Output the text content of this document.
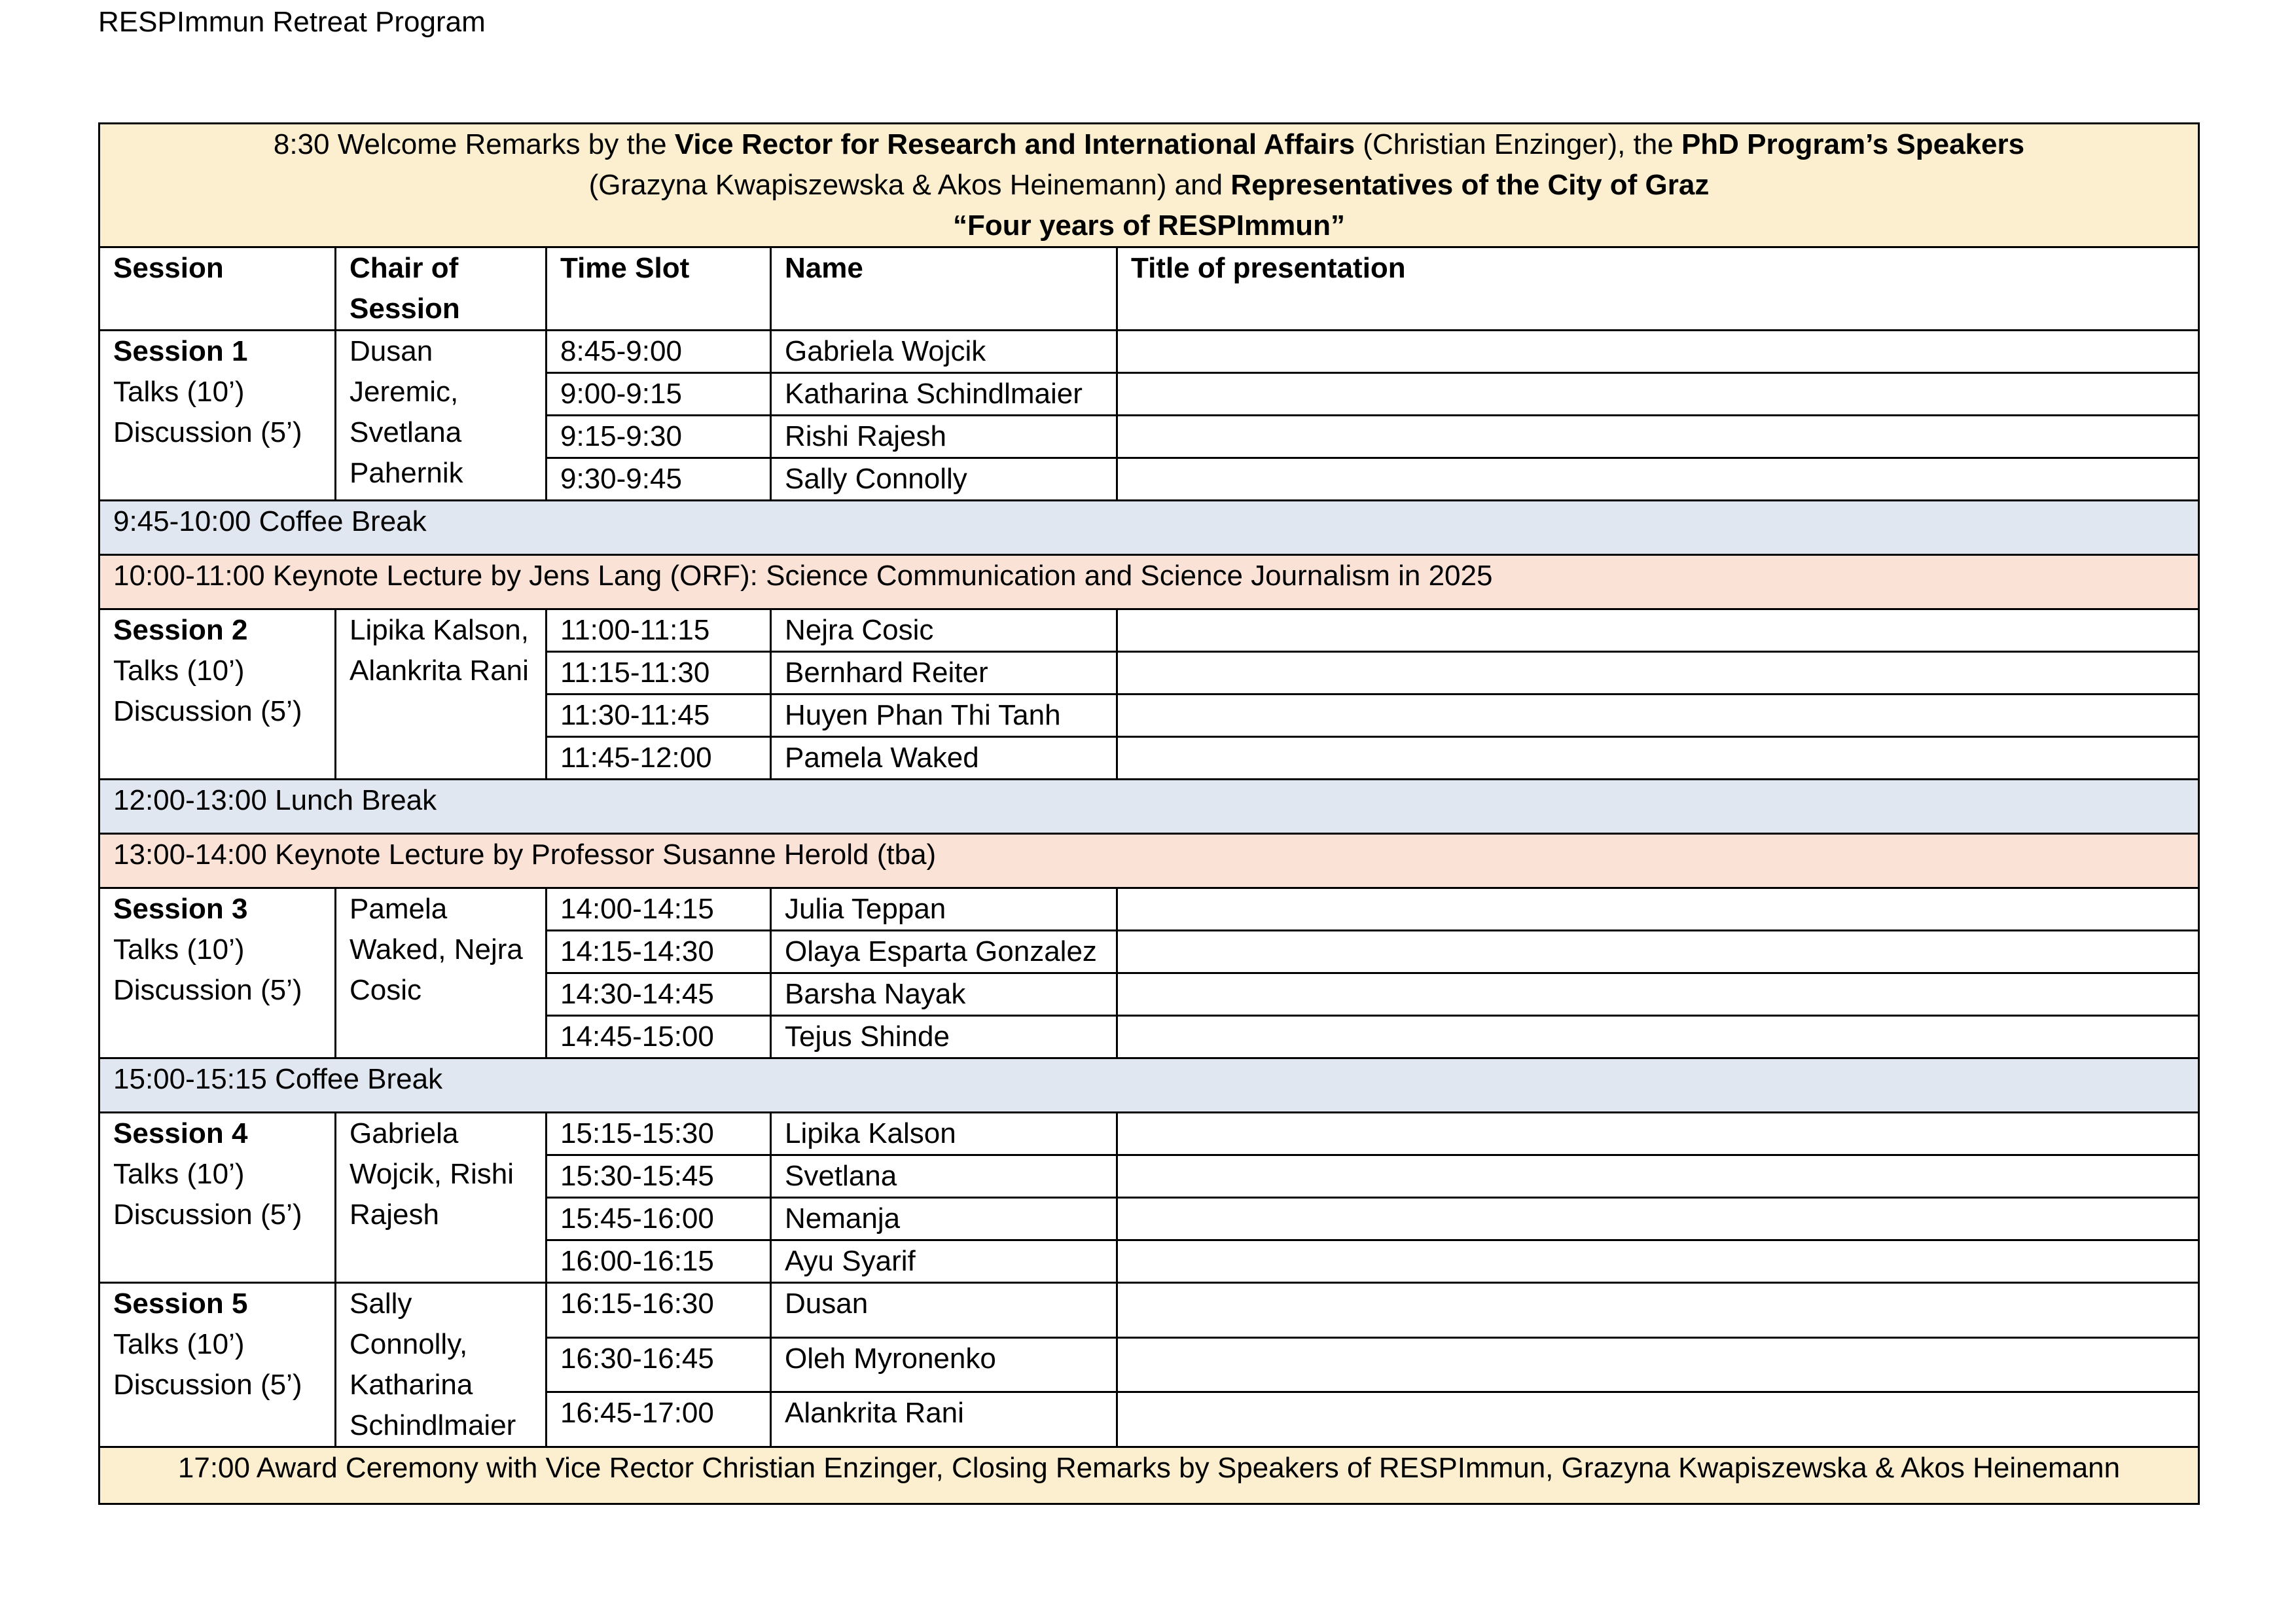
RESPImmun Retreat Program
8:30 Welcome Remarks by the Vice Rector for Research and International Affairs (Christian Enzinger), the PhD Program’s Speakers
(Grazyna Kwapiszewska & Akos Heinemann) and Representatives of the City of Graz
“Four years of RESPImmun”				
Session	Chair of Session	Time Slot	Name	Title of presentation

Session 1
Talks (10’)
Discussion (5’)	Dusan Jeremic, Svetlana Pahernik	8:45-9:00	Gabriela Wojcik	
		9:00-9:15	Katharina Schindlmaier	
		9:15-9:30	Rishi Rajesh	
		9:30-9:45	Sally Connolly	
9:45-10:00 Coffee Break				
10:00-11:00 Keynote Lecture by Jens Lang (ORF): Science Communication and Science Journalism in 2025				

Session 2
Talks (10’)
Discussion (5’)	Lipika Kalson, Alankrita Rani	11:00-11:15	Nejra Cosic	
		11:15-11:30	Bernhard Reiter	
		11:30-11:45	Huyen Phan Thi Tanh	
		11:45-12:00	Pamela Waked	
12:00-13:00 Lunch Break				
13:00-14:00 Keynote Lecture by Professor Susanne Herold (tba)				

Session 3
Talks (10’)
Discussion (5’)	Pamela Waked, Nejra Cosic	14:00-14:15	Julia Teppan	
		14:15-14:30	Olaya Esparta Gonzalez	
		14:30-14:45	Barsha Nayak	
		14:45-15:00	Tejus Shinde	
15:00-15:15 Coffee Break				

Session 4
Talks (10’)
Discussion (5’)	Gabriela Wojcik, Rishi Rajesh	15:15-15:30	Lipika Kalson	
		15:30-15:45	Svetlana	
		15:45-16:00	Nemanja	
		16:00-16:15	Ayu Syarif	

Session 5
Talks (10’)
Discussion (5’)	Sally Connolly, Katharina Schindlmaier	16:15-16:30	Dusan	
		16:30-16:45	Oleh Myronenko	
		16:45-17:00	Alankrita Rani	
17:00 Award Ceremony with Vice Rector Christian Enzinger, Closing Remarks by Speakers of RESPImmun, Grazyna Kwapiszewska & Akos Heinemann				
